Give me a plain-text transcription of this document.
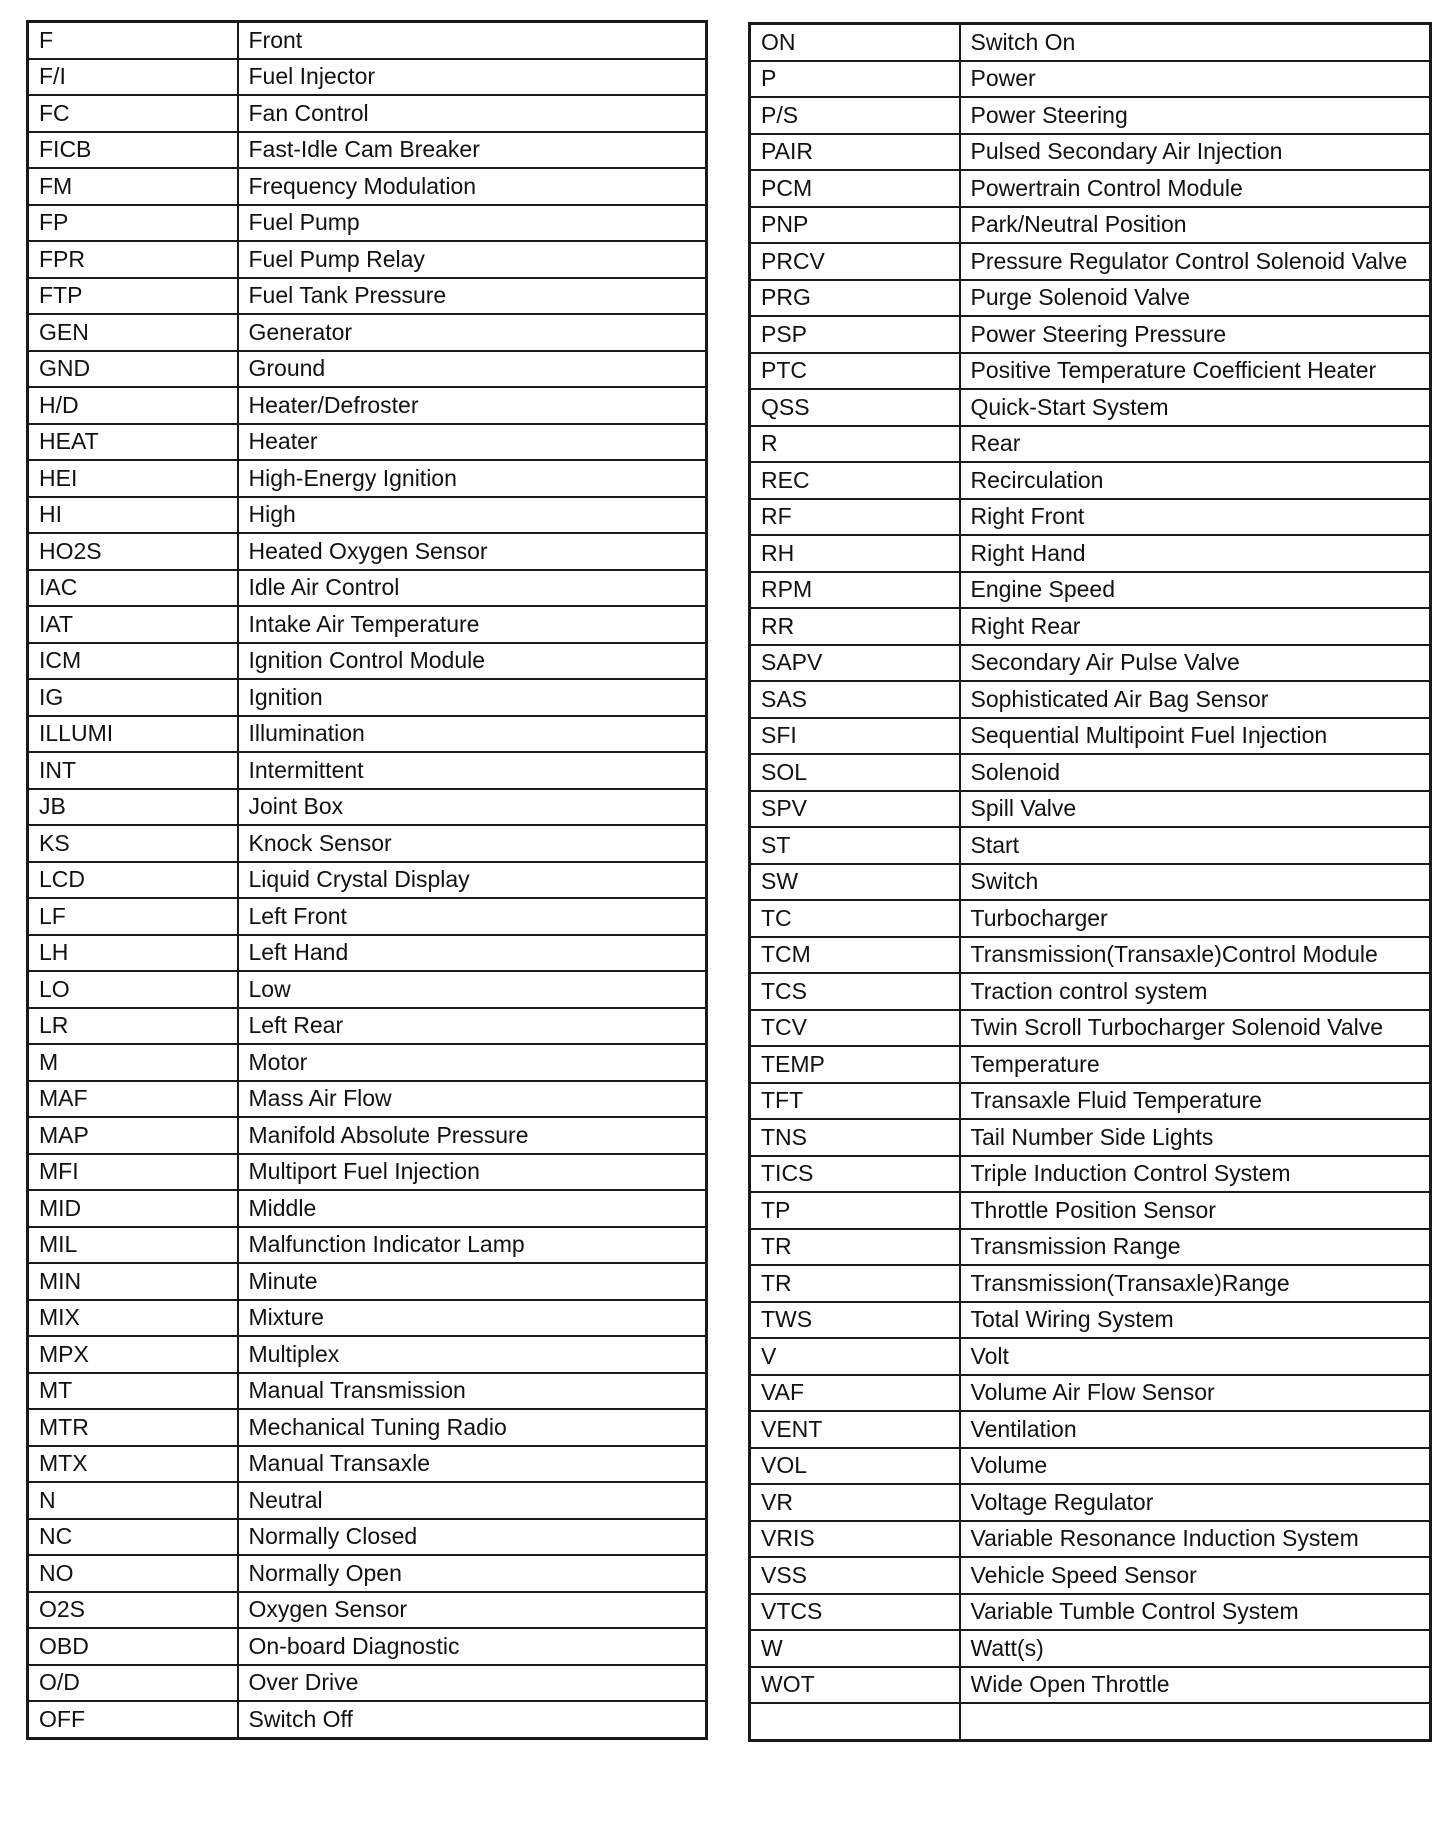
F	Front
F/I	Fuel Injector
FC	Fan Control
FICB	Fast-Idle Cam Breaker
FM	Frequency Modulation
FP	Fuel Pump
FPR	Fuel Pump Relay
FTP	Fuel Tank Pressure
GEN	Generator
GND	Ground
H/D	Heater/Defroster
HEAT	Heater
HEI	High-Energy Ignition
HI	High
HO2S	Heated Oxygen Sensor
IAC	Idle Air Control
IAT	Intake Air Temperature
ICM	Ignition Control Module
IG	Ignition
ILLUMI	Illumination
INT	Intermittent
JB	Joint Box
KS	Knock Sensor
LCD	Liquid Crystal Display
LF	Left Front
LH	Left Hand
LO	Low
LR	Left Rear
M	Motor
MAF	Mass Air Flow
MAP	Manifold Absolute Pressure
MFI	Multiport Fuel Injection
MID	Middle
MIL	Malfunction Indicator Lamp
MIN	Minute
MIX	Mixture
MPX	Multiplex
MT	Manual Transmission
MTR	Mechanical Tuning Radio
MTX	Manual Transaxle
N	Neutral
NC	Normally Closed
NO	Normally Open
O2S	Oxygen Sensor
OBD	On-board Diagnostic
O/D	Over Drive
OFF	Switch Off
ON	Switch On
P	Power
P/S	Power Steering
PAIR	Pulsed Secondary Air Injection
PCM	Powertrain Control Module
PNP	Park/Neutral Position
PRCV	Pressure Regulator Control Solenoid Valve
PRG	Purge Solenoid Valve
PSP	Power Steering Pressure
PTC	Positive Temperature Coefficient Heater
QSS	Quick-Start System
R	Rear
REC	Recirculation
RF	Right Front
RH	Right Hand
RPM	Engine Speed
RR	Right Rear
SAPV	Secondary Air Pulse Valve
SAS	Sophisticated Air Bag Sensor
SFI	Sequential Multipoint Fuel Injection
SOL	Solenoid
SPV	Spill Valve
ST	Start
SW	Switch
TC	Turbocharger
TCM	Transmission(Transaxle)Control Module
TCS	Traction control system
TCV	Twin Scroll Turbocharger Solenoid Valve
TEMP	Temperature
TFT	Transaxle Fluid Temperature
TNS	Tail Number Side Lights
TICS	Triple Induction Control System
TP	Throttle Position Sensor
TR	Transmission Range
TR	Transmission(Transaxle)Range
TWS	Total Wiring System
V	Volt
VAF	Volume Air Flow Sensor
VENT	Ventilation
VOL	Volume
VR	Voltage Regulator
VRIS	Variable Resonance Induction System
VSS	Vehicle Speed Sensor
VTCS	Variable Tumble Control System
W	Watt(s)
WOT	Wide Open Throttle
